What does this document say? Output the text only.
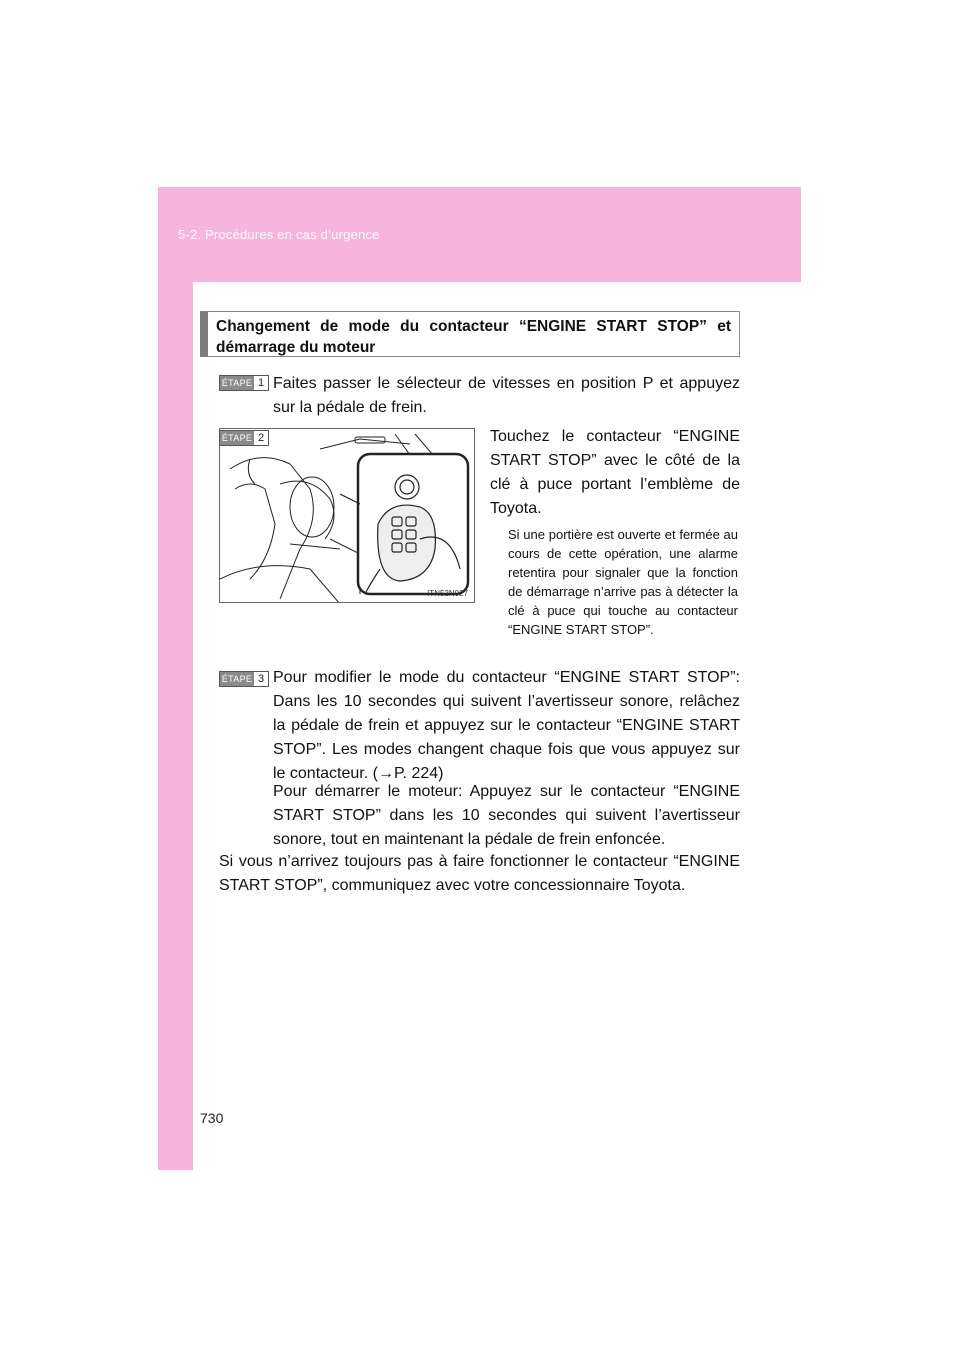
5-2. Procédures en cas d’urgence
Changement de mode du contacteur “ENGINE START STOP” et démarrage du moteur
ÉTAPE 1 Faites passer le sélecteur de vitesses en position P et appuyez sur la pédale de frein.
ITN52N027
ÉTAPE 2	Touchez le contacteur “ENGINE START STOP” avec le côté de la clé à puce portant l’emblème de Toyota.
Si une portière est ouverte et fermée au cours de cette opération, une alarme retentira pour signaler que la fonction de démarrage n’arrive pas à détecter la clé à puce qui touche au contacteur “ENGINE START STOP”.
ÉTAPE 3 Pour modifier le mode du contacteur “ENGINE START STOP”: Dans les 10 secondes qui suivent l’avertisseur sonore, relâchez la pédale de frein et appuyez sur le contacteur “ENGINE START STOP”. Les modes changent chaque fois que vous appuyez sur le contacteur. (→P. 224)
Pour démarrer le moteur: Appuyez sur le contacteur “ENGINE START STOP” dans les 10 secondes qui suivent l’avertisseur sonore, tout en maintenant la pédale de frein enfoncée.
Si vous n’arrivez toujours pas à faire fonctionner le contacteur “ENGINE START STOP”, communiquez avec votre concessionnaire Toyota.
730
